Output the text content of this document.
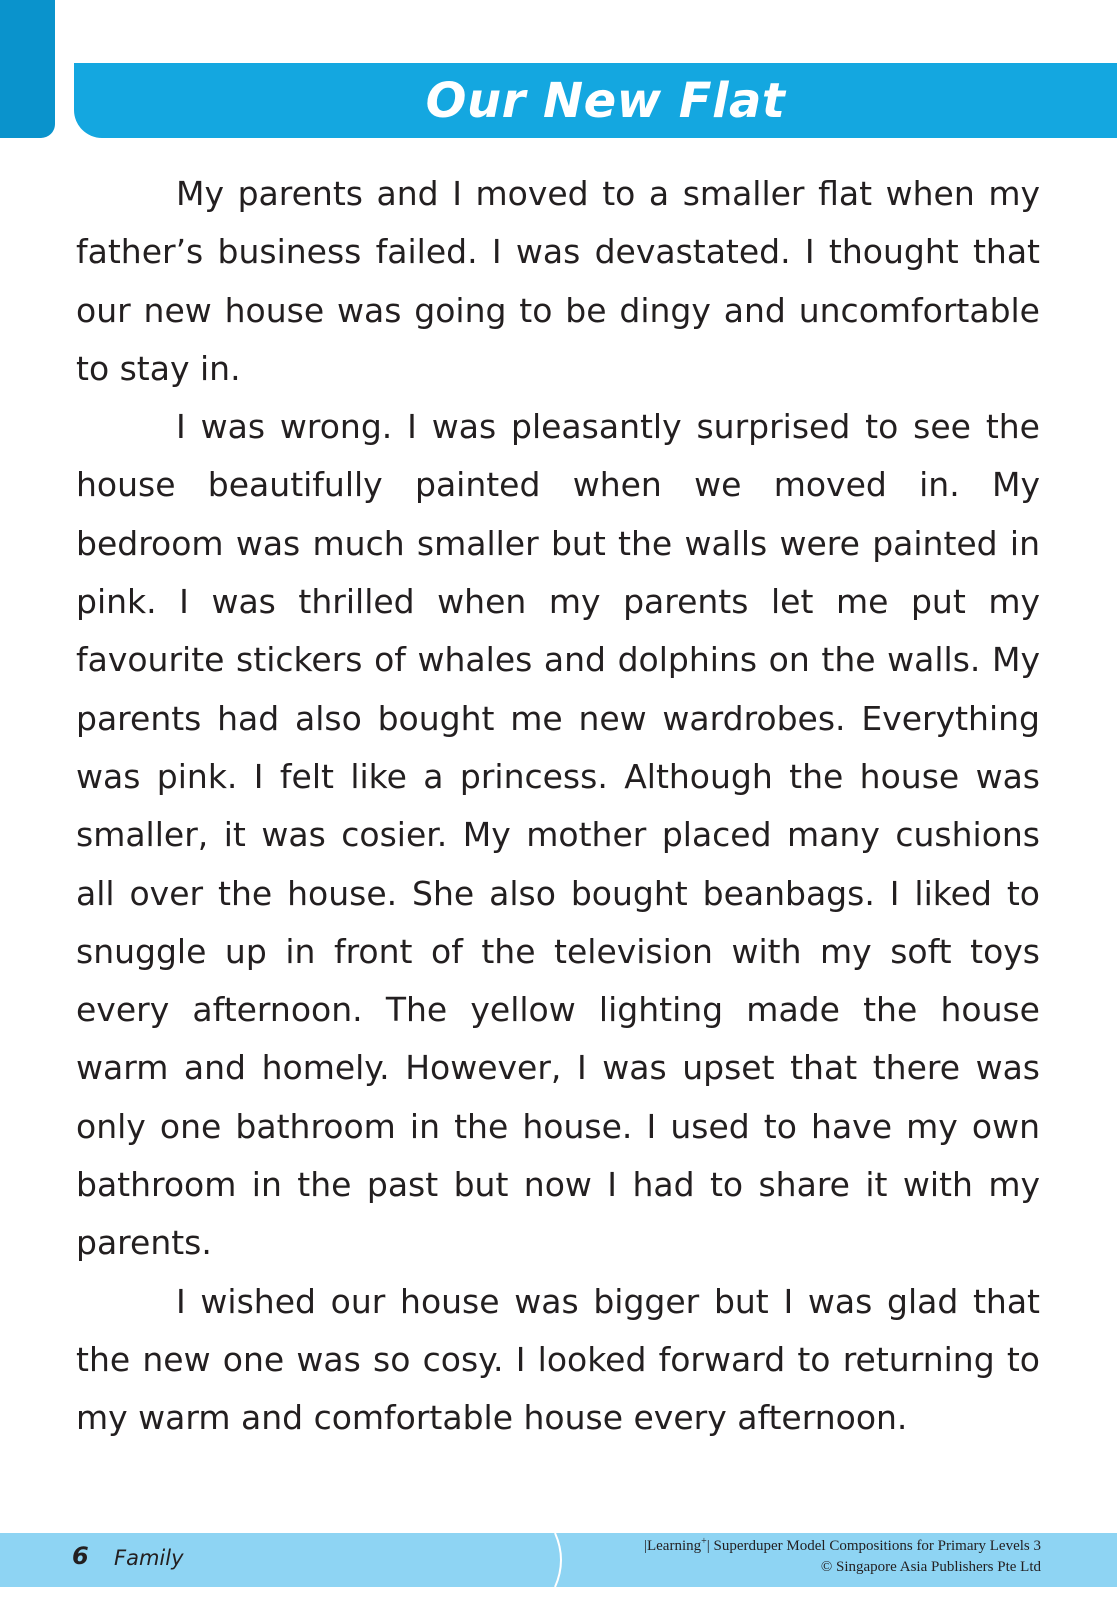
Our New Flat

My parents and I moved to a smaller flat when my father’s business failed. I was devastated. I thought that our new house was going to be dingy and uncomfortable to stay in.

I was wrong. I was pleasantly surprised to see the house beautifully painted when we moved in. My bedroom was much smaller but the walls were painted in pink. I was thrilled when my parents let me put my favourite stickers of whales and dolphins on the walls. My parents had also bought me new wardrobes. Everything was pink. I felt like a princess. Although the house was smaller, it was cosier. My mother placed many cushions all over the house. She also bought beanbags. I liked to snuggle up in front of the television with my soft toys every afternoon. The yellow lighting made the house warm and homely. However, I was upset that there was only one bathroom in the house. I used to have my own bathroom in the past but now I had to share it with my parents.

I wished our house was bigger but I was glad that the new one was so cosy. I looked forward to returning to my warm and comfortable house every afternoon.

6 Family	|Learning+| Superduper Model Compositions for Primary Levels 3
© Singapore Asia Publishers Pte Ltd
